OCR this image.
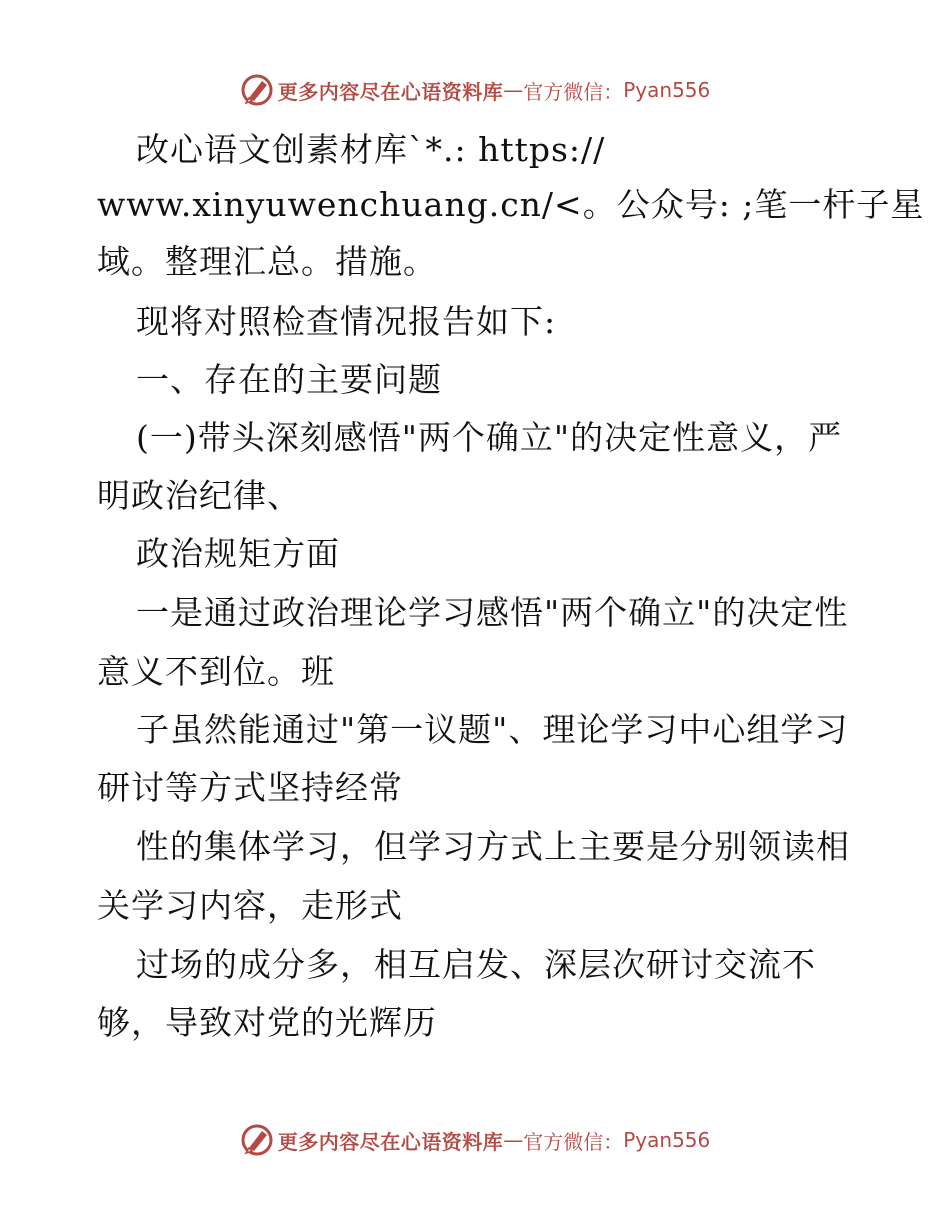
更多内容尽在心语资料库 — 官方微信： Pyan556
改心语文创素材库`*.: https://
www.xinyuwenchuang.cn/<。公众号: ;笔一杆子星
域。整理汇总。措施。
现将对照检查情况报告如下:
一、存在的主要问题
(一)带头深刻感悟"两个确立"的决定性意义，严
明政治纪律、
政治规矩方面
一是通过政治理论学习感悟"两个确立"的决定性
意义不到位。班
子虽然能通过"第一议题"、理论学习中心组学习
研讨等方式坚持经常
性的集体学习，但学习方式上主要是分别领读相
关学习内容，走形式
过场的成分多，相互启发、深层次研讨交流不
够，导致对党的光辉历
更多内容尽在心语资料库 — 官方微信： Pyan556
